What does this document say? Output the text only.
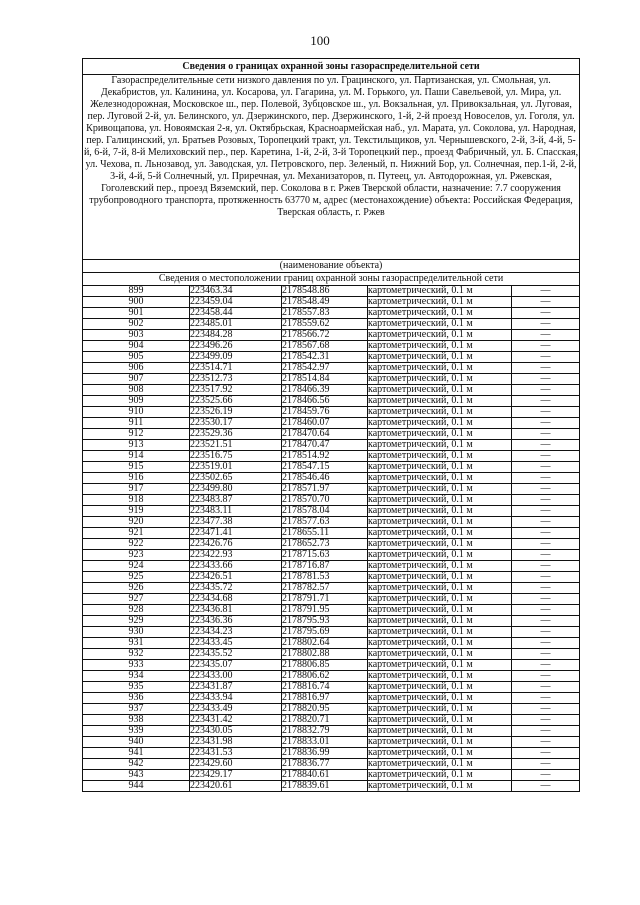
100
Сведения о границах охранной зоны газораспределительной сети				
Газораспределительные сети низкого давления по ул. Грацинского, ул. Партизанская, ул. Смольная, ул. Декабристов, ул. Калинина, ул. Косарова, ул. Гагарина, ул. М. Горького, ул. Паши Савельевой, ул. Мира, ул. Железнодорожная, Московское ш., пер. Полевой, Зубцовское ш., ул. Вокзальная, ул. Привокзальная, ул. Луговая, пер. Луговой 2-й, ул. Белинского, ул. Дзержинского, пер. Дзержинского, 1-й, 2-й проезд Новоселов, ул. Гоголя, ул. Кривощапова, ул. Новоямская 2-я, ул. Октябрьская, Красноармейская наб., ул. Марата, ул. Соколова, ул. Народная, пер. Галицинский, ул. Братьев Розовых, Торопецкий тракт, ул. Текстильщиков, ул. Чернышевского, 2-й, 3-й, 4-й, 5-й, 6-й, 7-й, 8-й Мелиховский пер., пер. Каретина, 1-й, 2-й, 3-й Торопецкий пер., проезд Фабричный, ул. Б. Спасская, ул. Чехова, п. Льнозавод, ул. Заводская, ул. Петровского, пер. Зеленый, п. Нижний Бор, ул. Солнечная, пер.1-й, 2-й, 3-й, 4-й, 5-й Солнечный, ул. Приречная, ул. Механизаторов, п. Путеец, ул. Автодорожная, ул. Ржевская, Гоголевский пер., проезд Вяземский, пер. Соколова в г. Ржев Тверской области, назначение: 7.7 сооружения трубопроводного транспорта, протяженность 63770 м, адрес (местонахождение) объекта: Российская Федерация, Тверская область, г. Ржев				
(наименование объекта)				
Сведения о местоположении границ охранной зоны газораспределительной сети				
899	223463.34	2178548.86	картометрический, 0.1 м	—
900	223459.04	2178548.49	картометрический, 0.1 м	—
901	223458.44	2178557.83	картометрический, 0.1 м	—
902	223485.01	2178559.62	картометрический, 0.1 м	—
903	223484.28	2178566.72	картометрический, 0.1 м	—
904	223496.26	2178567.68	картометрический, 0.1 м	—
905	223499.09	2178542.31	картометрический, 0.1 м	—
906	223514.71	2178542.97	картометрический, 0.1 м	—
907	223512.73	2178514.84	картометрический, 0.1 м	—
908	223517.92	2178466.39	картометрический, 0.1 м	—
909	223525.66	2178466.56	картометрический, 0.1 м	—
910	223526.19	2178459.76	картометрический, 0.1 м	—
911	223530.17	2178460.07	картометрический, 0.1 м	—
912	223529.36	2178470.64	картометрический, 0.1 м	—
913	223521.51	2178470.47	картометрический, 0.1 м	—
914	223516.75	2178514.92	картометрический, 0.1 м	—
915	223519.01	2178547.15	картометрический, 0.1 м	—
916	223502.65	2178546.46	картометрический, 0.1 м	—
917	223499.80	2178571.97	картометрический, 0.1 м	—
918	223483.87	2178570.70	картометрический, 0.1 м	—
919	223483.11	2178578.04	картометрический, 0.1 м	—
920	223477.38	2178577.63	картометрический, 0.1 м	—
921	223471.41	2178655.11	картометрический, 0.1 м	—
922	223426.76	2178652.73	картометрический, 0.1 м	—
923	223422.93	2178715.63	картометрический, 0.1 м	—
924	223433.66	2178716.87	картометрический, 0.1 м	—
925	223426.51	2178781.53	картометрический, 0.1 м	—
926	223435.72	2178782.57	картометрический, 0.1 м	—
927	223434.68	2178791.71	картометрический, 0.1 м	—
928	223436.81	2178791.95	картометрический, 0.1 м	—
929	223436.36	2178795.93	картометрический, 0.1 м	—
930	223434.23	2178795.69	картометрический, 0.1 м	—
931	223433.45	2178802.64	картометрический, 0.1 м	—
932	223435.52	2178802.88	картометрический, 0.1 м	—
933	223435.07	2178806.85	картометрический, 0.1 м	—
934	223433.00	2178806.62	картометрический, 0.1 м	—
935	223431.87	2178816.74	картометрический, 0.1 м	—
936	223433.94	2178816.97	картометрический, 0.1 м	—
937	223433.49	2178820.95	картометрический, 0.1 м	—
938	223431.42	2178820.71	картометрический, 0.1 м	—
939	223430.05	2178832.79	картометрический, 0.1 м	—
940	223431.98	2178833.01	картометрический, 0.1 м	—
941	223431.53	2178836.99	картометрический, 0.1 м	—
942	223429.60	2178836.77	картометрический, 0.1 м	—
943	223429.17	2178840.61	картометрический, 0.1 м	—
944	223420.61	2178839.61	картометрический, 0.1 м	—
